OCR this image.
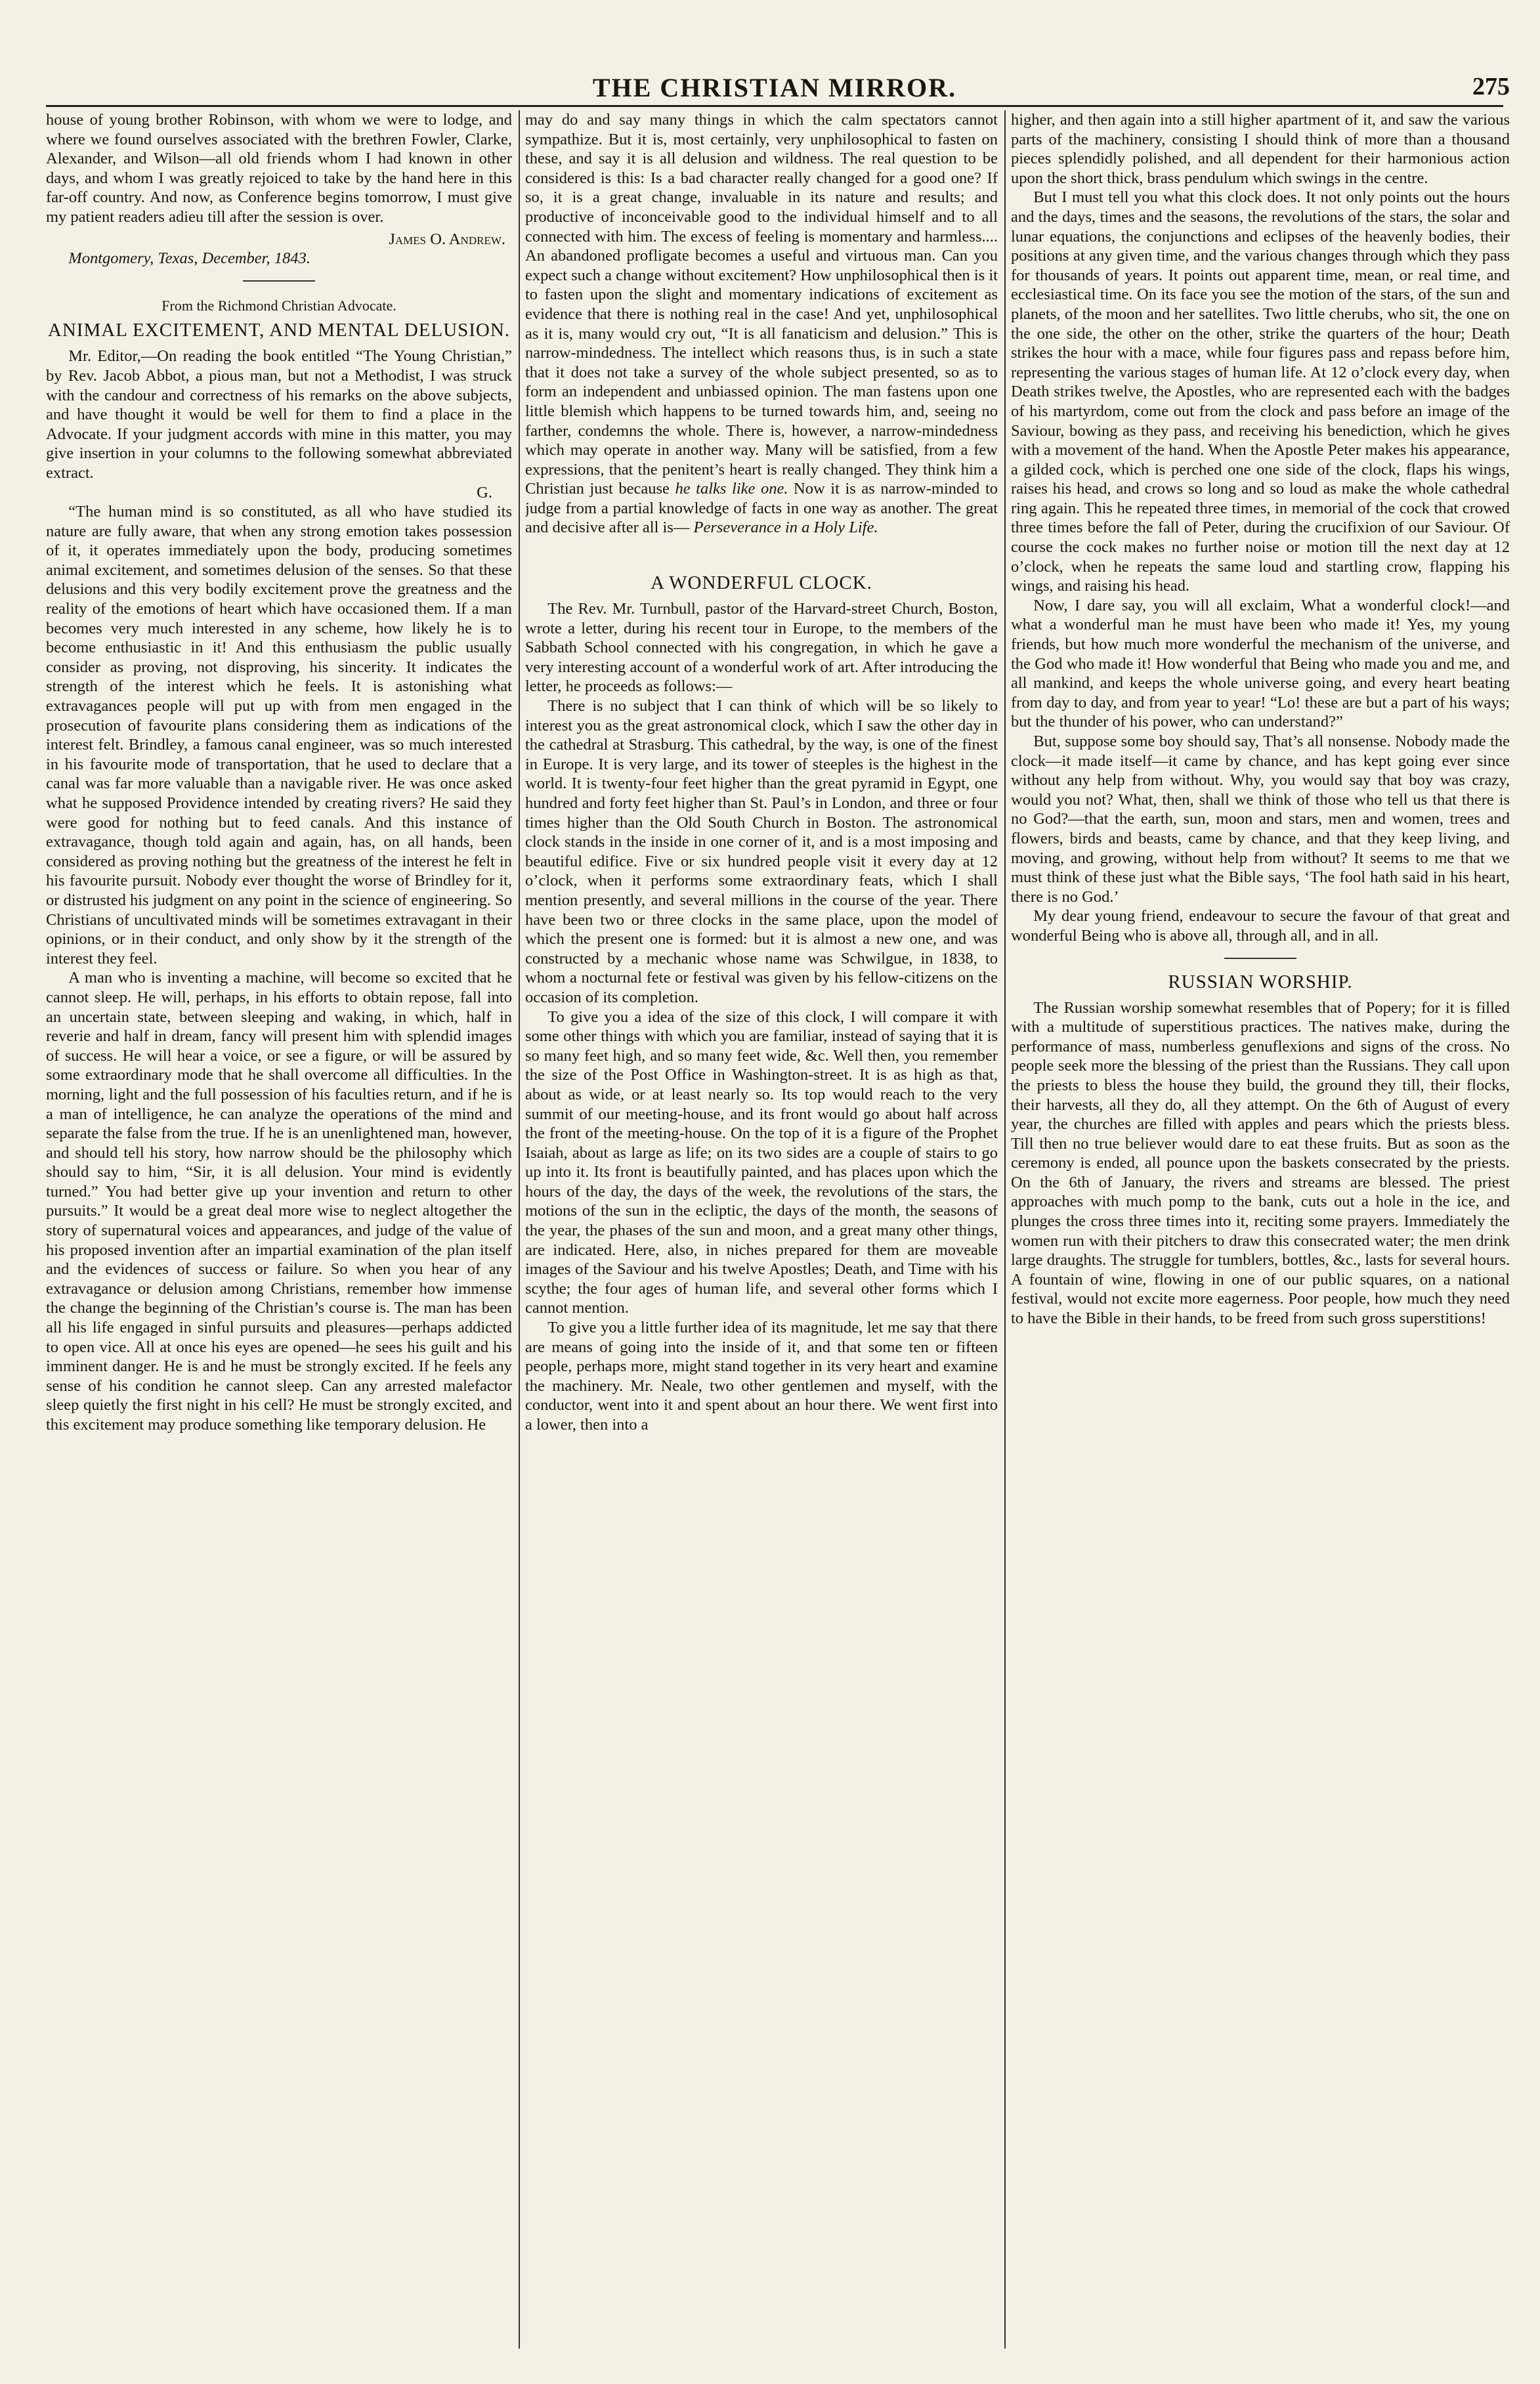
THE CHRISTIAN MIRROR.	275

house of young brother Robinson, with whom we were to lodge, and where we found ourselves associated with the brethren Fowler, Clarke, Alexander, and Wilson—all old friends whom I had known in other days, and whom I was greatly rejoiced to take by the hand here in this far-off country. And now, as Conference begins tomorrow, I must give my patient readers adieu till after the session is over.

James O. Andrew.

Montgomery, Texas, December, 1843.

From the Richmond Christian Advocate.

ANIMAL EXCITEMENT, AND MENTAL DELUSION.

Mr. Editor,—On reading the book entitled “The Young Christian,” by Rev. Jacob Abbot, a pious man, but not a Methodist, I was struck with the candour and correctness of his remarks on the above subjects, and have thought it would be well for them to find a place in the Advocate. If your judgment accords with mine in this matter, you may give insertion in your columns to the following somewhat abbreviated extract.

G.

“The human mind is so constituted, as all who have studied its nature are fully aware, that when any strong emotion takes possession of it, it operates immediately upon the body, producing sometimes animal excitement, and sometimes delusion of the senses. So that these delusions and this very bodily excitement prove the greatness and the reality of the emotions of heart which have occasioned them. If a man becomes very much interested in any scheme, how likely he is to become enthusiastic in it! And this enthusiasm the public usually consider as proving, not disproving, his sincerity. It indicates the strength of the interest which he feels. It is astonishing what extravagances people will put up with from men engaged in the prosecution of favourite plans considering them as indications of the interest felt. Brindley, a famous canal engineer, was so much interested in his favourite mode of transportation, that he used to declare that a canal was far more valuable than a navigable river. He was once asked what he supposed Providence intended by creating rivers? He said they were good for nothing but to feed canals. And this instance of extravagance, though told again and again, has, on all hands, been considered as proving nothing but the greatness of the interest he felt in his favourite pursuit. Nobody ever thought the worse of Brindley for it, or distrusted his judgment on any point in the science of engineering. So Christians of uncultivated minds will be sometimes extravagant in their opinions, or in their conduct, and only show by it the strength of the interest they feel.

A man who is inventing a machine, will become so excited that he cannot sleep. He will, perhaps, in his efforts to obtain repose, fall into an uncertain state, between sleeping and waking, in which, half in reverie and half in dream, fancy will present him with splendid images of success. He will hear a voice, or see a figure, or will be assured by some extraordinary mode that he shall overcome all difficulties. In the morning, light and the full possession of his faculties return, and if he is a man of intelligence, he can analyze the operations of the mind and separate the false from the true. If he is an unenlightened man, however, and should tell his story, how narrow should be the philosophy which should say to him, “Sir, it is all delusion. Your mind is evidently turned.” You had better give up your invention and return to other pursuits.” It would be a great deal more wise to neglect altogether the story of supernatural voices and appearances, and judge of the value of his proposed invention after an impartial examination of the plan itself and the evidences of success or failure. So when you hear of any extravagance or delusion among Christians, remember how immense the change the beginning of the Christian’s course is. The man has been all his life engaged in sinful pursuits and pleasures—perhaps addicted to open vice. All at once his eyes are opened—he sees his guilt and his imminent danger. He is and he must be strongly excited. If he feels any sense of his condition he cannot sleep. Can any arrested malefactor sleep quietly the first night in his cell? He must be strongly excited, and this excitement may produce something like temporary delusion. He

may do and say many things in which the calm spectators cannot sympathize. But it is, most certainly, very unphilosophical to fasten on these, and say it is all delusion and wildness. The real question to be considered is this: Is a bad character really changed for a good one? If so, it is a great change, invaluable in its nature and results; and productive of inconceivable good to the individual himself and to all connected with him. The excess of feeling is momentary and harmless.... An abandoned profligate becomes a useful and virtuous man. Can you expect such a change without excitement? How unphilosophical then is it to fasten upon the slight and momentary indications of excitement as evidence that there is nothing real in the case! And yet, unphilosophical as it is, many would cry out, “It is all fanaticism and delusion.” This is narrow-mindedness. The intellect which reasons thus, is in such a state that it does not take a survey of the whole subject presented, so as to form an independent and unbiassed opinion. The man fastens upon one little blemish which happens to be turned towards him, and, seeing no farther, condemns the whole. There is, however, a narrow-mindedness which may operate in another way. Many will be satisfied, from a few expressions, that the penitent’s heart is really changed. They think him a Christian just because he talks like one. Now it is as narrow-minded to judge from a partial knowledge of facts in one way as another. The great and decisive after all is— Perseverance in a Holy Life.

A WONDERFUL CLOCK.

The Rev. Mr. Turnbull, pastor of the Harvard-street Church, Boston, wrote a letter, during his recent tour in Europe, to the members of the Sabbath School connected with his congregation, in which he gave a very interesting account of a wonderful work of art. After introducing the letter, he proceeds as follows:—

There is no subject that I can think of which will be so likely to interest you as the great astronomical clock, which I saw the other day in the cathedral at Strasburg. This cathedral, by the way, is one of the finest in Europe. It is very large, and its tower of steeples is the highest in the world. It is twenty-four feet higher than the great pyramid in Egypt, one hundred and forty feet higher than St. Paul’s in London, and three or four times higher than the Old South Church in Boston. The astronomical clock stands in the inside in one corner of it, and is a most imposing and beautiful edifice. Five or six hundred people visit it every day at 12 o’clock, when it performs some extraordinary feats, which I shall mention presently, and several millions in the course of the year. There have been two or three clocks in the same place, upon the model of which the present one is formed: but it is almost a new one, and was constructed by a mechanic whose name was Schwilgue, in 1838, to whom a nocturnal fete or festival was given by his fellow-citizens on the occasion of its completion.

To give you a idea of the size of this clock, I will compare it with some other things with which you are familiar, instead of saying that it is so many feet high, and so many feet wide, &c. Well then, you remember the size of the Post Office in Washington-street. It is as high as that, about as wide, or at least nearly so. Its top would reach to the very summit of our meeting-house, and its front would go about half across the front of the meeting-house. On the top of it is a figure of the Prophet Isaiah, about as large as life; on its two sides are a couple of stairs to go up into it. Its front is beautifully painted, and has places upon which the hours of the day, the days of the week, the revolutions of the stars, the motions of the sun in the ecliptic, the days of the month, the seasons of the year, the phases of the sun and moon, and a great many other things, are indicated. Here, also, in niches prepared for them are moveable images of the Saviour and his twelve Apostles; Death, and Time with his scythe; the four ages of human life, and several other forms which I cannot mention.

To give you a little further idea of its magnitude, let me say that there are means of going into the inside of it, and that some ten or fifteen people, perhaps more, might stand together in its very heart and examine the machinery. Mr. Neale, two other gentlemen and myself, with the conductor, went into it and spent about an hour there. We went first into a lower, then into a

higher, and then again into a still higher apartment of it, and saw the various parts of the machinery, consisting I should think of more than a thousand pieces splendidly polished, and all dependent for their harmonious action upon the short thick, brass pendulum which swings in the centre.

But I must tell you what this clock does. It not only points out the hours and the days, times and the seasons, the revolutions of the stars, the solar and lunar equations, the conjunctions and eclipses of the heavenly bodies, their positions at any given time, and the various changes through which they pass for thousands of years. It points out apparent time, mean, or real time, and ecclesiastical time. On its face you see the motion of the stars, of the sun and planets, of the moon and her satellites. Two little cherubs, who sit, the one on the one side, the other on the other, strike the quarters of the hour; Death strikes the hour with a mace, while four figures pass and repass before him, representing the various stages of human life. At 12 o’clock every day, when Death strikes twelve, the Apostles, who are represented each with the badges of his martyrdom, come out from the clock and pass before an image of the Saviour, bowing as they pass, and receiving his benediction, which he gives with a movement of the hand. When the Apostle Peter makes his appearance, a gilded cock, which is perched one one side of the clock, flaps his wings, raises his head, and crows so long and so loud as make the whole cathedral ring again. This he repeated three times, in memorial of the cock that crowed three times before the fall of Peter, during the crucifixion of our Saviour. Of course the cock makes no further noise or motion till the next day at 12 o’clock, when he repeats the same loud and startling crow, flapping his wings, and raising his head.

Now, I dare say, you will all exclaim, What a wonderful clock!—and what a wonderful man he must have been who made it! Yes, my young friends, but how much more wonderful the mechanism of the universe, and the God who made it! How wonderful that Being who made you and me, and all mankind, and keeps the whole universe going, and every heart beating from day to day, and from year to year! “Lo! these are but a part of his ways; but the thunder of his power, who can understand?”

But, suppose some boy should say, That’s all nonsense. Nobody made the clock—it made itself—it came by chance, and has kept going ever since without any help from without. Why, you would say that boy was crazy, would you not? What, then, shall we think of those who tell us that there is no God?—that the earth, sun, moon and stars, men and women, trees and flowers, birds and beasts, came by chance, and that they keep living, and moving, and growing, without help from without? It seems to me that we must think of these just what the Bible says, ‘The fool hath said in his heart, there is no God.’

My dear young friend, endeavour to secure the favour of that great and wonderful Being who is above all, through all, and in all.

RUSSIAN WORSHIP.

The Russian worship somewhat resembles that of Popery; for it is filled with a multitude of superstitious practices. The natives make, during the performance of mass, numberless genuflexions and signs of the cross. No people seek more the blessing of the priest than the Russians. They call upon the priests to bless the house they build, the ground they till, their flocks, their harvests, all they do, all they attempt. On the 6th of August of every year, the churches are filled with apples and pears which the priests bless. Till then no true believer would dare to eat these fruits. But as soon as the ceremony is ended, all pounce upon the baskets consecrated by the priests. On the 6th of January, the rivers and streams are blessed. The priest approaches with much pomp to the bank, cuts out a hole in the ice, and plunges the cross three times into it, reciting some prayers. Immediately the women run with their pitchers to draw this consecrated water; the men drink large draughts. The struggle for tumblers, bottles, &c., lasts for several hours. A fountain of wine, flowing in one of our public squares, on a national festival, would not excite more eagerness. Poor people, how much they need to have the Bible in their hands, to be freed from such gross superstitions!
